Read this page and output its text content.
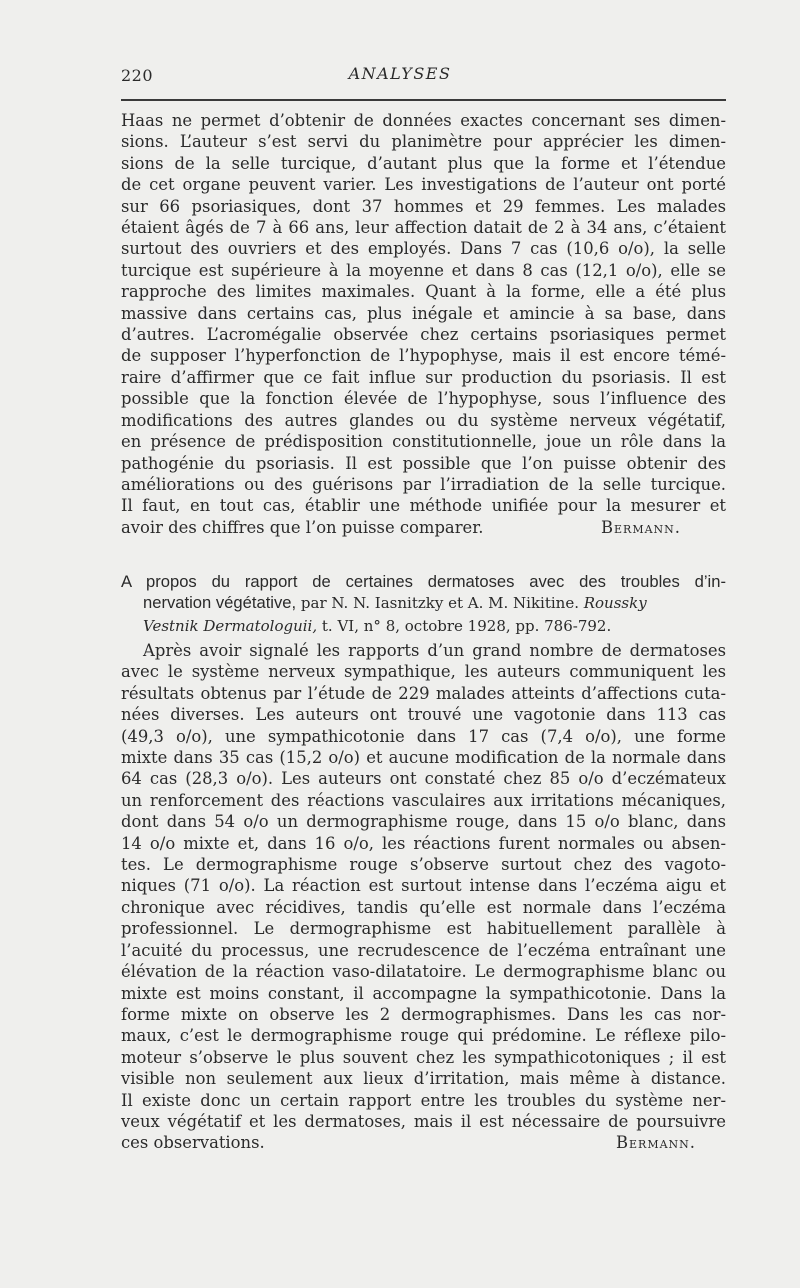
220	ANALYSES
Haas ne permet d’obtenir de données exactes concernant ses dimen-
sions. L’auteur s’est servi du planimètre pour apprécier les dimen-
sions de la selle turcique, d’autant plus que la forme et l’étendue
de cet organe peuvent varier. Les investigations de l’auteur ont porté
sur 66 psoriasiques, dont 37 hommes et 29 femmes. Les malades
étaient âgés de 7 à 66 ans, leur affection datait de 2 à 34 ans, c’étaient
surtout des ouvriers et des employés. Dans 7 cas (10,6 o/o), la selle
turcique est supérieure à la moyenne et dans 8 cas (12,1 o/o), elle se
rapproche des limites maximales. Quant à la forme, elle a été plus
massive dans certains cas, plus inégale et amincie à sa base, dans
d’autres. L’acromégalie observée chez certains psoriasiques permet
de supposer l’hyperfonction de l’hypophyse, mais il est encore témé-
raire d’affirmer que ce fait influe sur production du psoriasis. Il est
possible que la fonction élevée de l’hypophyse, sous l’influence des
modifications des autres glandes ou du système nerveux végétatif,
en présence de prédisposition constitutionnelle, joue un rôle dans la
pathogénie du psoriasis. Il est possible que l’on puisse obtenir des
améliorations ou des guérisons par l’irradiation de la selle turcique.
Il faut, en tout cas, établir une méthode unifiée pour la mesurer et
avoir des chiffres que l’on puisse comparer.	Bermann.
A propos du rapport de certaines dermatoses avec des troubles d’in-
nervation végétative, par N. N. Iasnitzky et A. M. Nikitine. Roussky
Vestnik Dermatologuii, t. VI, n° 8, octobre 1928, pp. 786-792.
Après avoir signalé les rapports d’un grand nombre de dermatoses
avec le système nerveux sympathique, les auteurs communiquent les
résultats obtenus par l’étude de 229 malades atteints d’affections cuta-
nées diverses. Les auteurs ont trouvé une vagotonie dans 113 cas
(49,3 o/o), une sympathicotonie dans 17 cas (7,4 o/o), une forme
mixte dans 35 cas (15,2 o/o) et aucune modification de la normale dans
64 cas (28,3 o/o). Les auteurs ont constaté chez 85 o/o d’eczémateux
un renforcement des réactions vasculaires aux irritations mécaniques,
dont dans 54 o/o un dermographisme rouge, dans 15 o/o blanc, dans
14 o/o mixte et, dans 16 o/o, les réactions furent normales ou absen-
tes. Le dermographisme rouge s’observe surtout chez des vagoto-
niques (71 o/o). La réaction est surtout intense dans l’eczéma aigu et
chronique avec récidives, tandis qu’elle est normale dans l’eczéma
professionnel. Le dermographisme est habituellement parallèle à
l’acuité du processus, une recrudescence de l’eczéma entraînant une
élévation de la réaction vaso-dilatatoire. Le dermographisme blanc ou
mixte est moins constant, il accompagne la sympathicotonie. Dans la
forme mixte on observe les 2 dermographismes. Dans les cas nor-
maux, c’est le dermographisme rouge qui prédomine. Le réflexe pilo-
moteur s’observe le plus souvent chez les sympathicotoniques ; il est
visible non seulement aux lieux d’irritation, mais même à distance.
Il existe donc un certain rapport entre les troubles du système ner-
veux végétatif et les dermatoses, mais il est nécessaire de poursuivre
ces observations.	Bermann.
